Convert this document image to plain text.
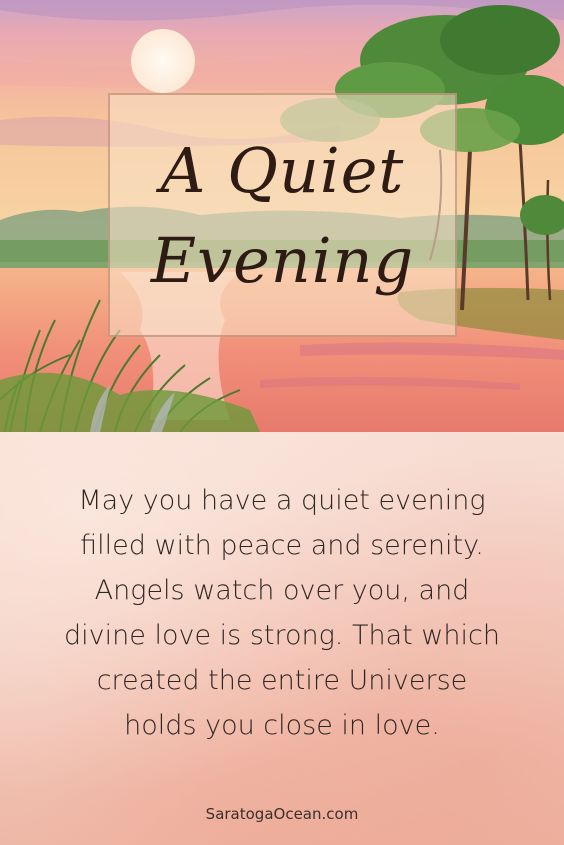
A Quiet
Evening
May you have a quiet evening
filled with peace and serenity.
Angels watch over you, and
divine love is strong. That which
created the entire Universe
holds you close in love.
SaratogaOcean.com
